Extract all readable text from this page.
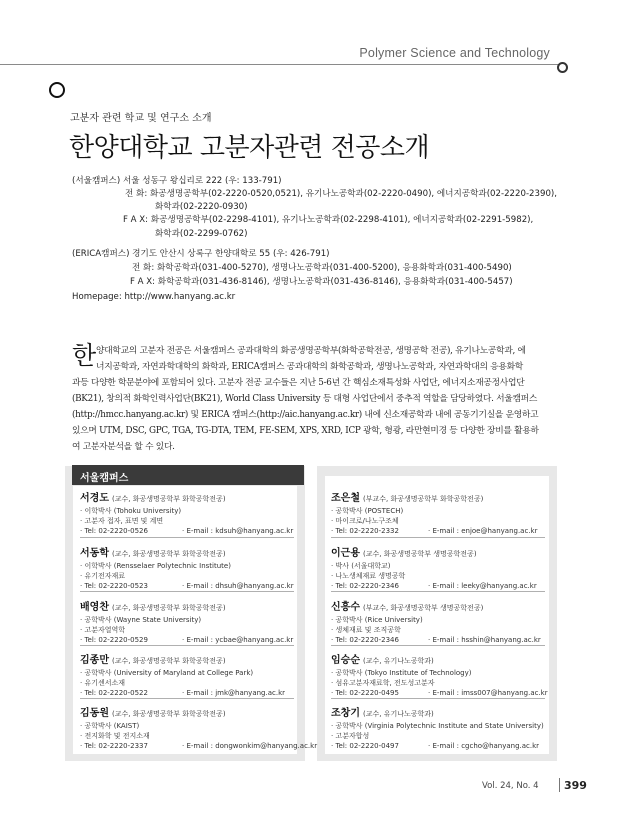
Polymer Science and Technology
고분자 관련 학교 및 연구소 소개
한양대학교 고분자관련 전공소개
(서울캠퍼스) 서울 성동구 왕십리로 222 (우: 133-791)
전 화: 화공생명공학부(02-2220-0520,0521), 유기나노공학과(02-2220-0490), 에너지공학과(02-2220-2390),
화학과(02-2220-0930)
F A X: 화공생명공학부(02-2298-4101), 유기나노공학과(02-2298-4101), 에너지공학과(02-2291-5982),
화학과(02-2299-0762)
(ERICA캠퍼스) 경기도 안산시 상록구 한양대학로 55 (우: 426-791)
전 화: 화학공학과(031-400-5270), 생명나노공학과(031-400-5200), 응용화학과(031-400-5490)
F A X: 화학공학과(031-436-8146), 생명나노공학과(031-436-8146), 응용화학과(031-400-5457)
Homepage: http://www.hanyang.ac.kr
한 양대학교의 고분자 전공은 서울캠퍼스 공과대학의 화공생명공학부(화학공학전공, 생명공학 전공), 유기나노공학과, 에
너지공학과, 자연과학대학의 화학과, ERICA캠퍼스 공과대학의 화학공학과, 생명나노공학과, 자연과학대의 응용화학
과등 다양한 학문분야에 포함되어 있다. 고분자 전공 교수들은 지난 5-6년 간 핵심소재특성화 사업단, 에너지소재공정사업단
(BK21), 창의적 화학인력사업단(BK21), World Class University 등 대형 사업단에서 중추적 역할을 담당하였다. 서울캠퍼스
(http://hmcc.hanyang.ac.kr) 및 ERICA 캠퍼스(http://aic.hanyang.ac.kr) 내에 신소재공학과 내에 공동기기실을 운영하고
있으며 UTM, DSC, GPC, TGA, TG-DTA, TEM, FE-SEM, XPS, XRD, ICP 광학, 형광, 라만현미경 등 다양한 장비를 활용하
여 고분자분석을 할 수 있다.
서울캠퍼스
서경도 (교수, 화공생명공학부 화학공학전공)
· 이학박사 (Tohoku University)
· 고분자 접자, 표면 및 계면
· Tel: 02-2220-0526	· E-mail : kdsuh@hanyang.ac.kr
서동학 (교수, 화공생명공학부 화학공학전공)
· 이학박사 (Rensselaer Polytechnic Institute)
· 유기전자재료
· Tel: 02-2220-0523	· E-mail : dhsuh@hanyang.ac.kr
배영찬 (교수, 화공생명공학부 화학공학전공)
· 공학박사 (Wayne State University)
· 고분자열역학
· Tel: 02-2220-0529	· E-mail : ycbae@hanyang.ac.kr
김종만 (교수, 화공생명공학부 화학공학전공)
· 공학박사 (University of Maryland at College Park)
· 유기센서소재
· Tel: 02-2220-0522	· E-mail : jmk@hanyang.ac.kr
김동원 (교수, 화공생명공학부 화학공학전공)
· 공학박사 (KAIST)
· 전지화학 및 전지소재
· Tel: 02-2220-2337	· E-mail : dongwonkim@hanyang.ac.kr
조은철 (부교수, 화공생명공학부 화학공학전공)
· 공학박사 (POSTECH)
· 마이크로/나노구조체
· Tel: 02-2220-2332	· E-mail : enjoe@hanyang.ac.kr
이근용 (교수, 화공생명공학부 생명공학전공)
· 박사 (서울대학교)
· 나노생체재료 생명공학
· Tel: 02-2220-2346	· E-mail : leeky@hanyang.ac.kr
신흥수 (부교수, 화공생명공학부 생명공학전공)
· 공학박사 (Rice University)
· 생체재료 및 조직공학
· Tel: 02-2220-2346	· E-mail : hsshin@hanyang.ac.kr
임승순 (교수, 유기나노공학과)
· 공학박사 (Tokyo Institute of Technology)
· 섬유고분자재료학, 전도성고분자
· Tel: 02-2220-0495	· E-mail : imss007@hanyang.ac.kr
조창기 (교수, 유기나노공학과)
· 공학박사 (Virginia Polytechnic Institute and State University)
· 고분자합성
· Tel: 02-2220-0497	· E-mail : cgcho@hanyang.ac.kr
Vol. 24, No. 4 399
